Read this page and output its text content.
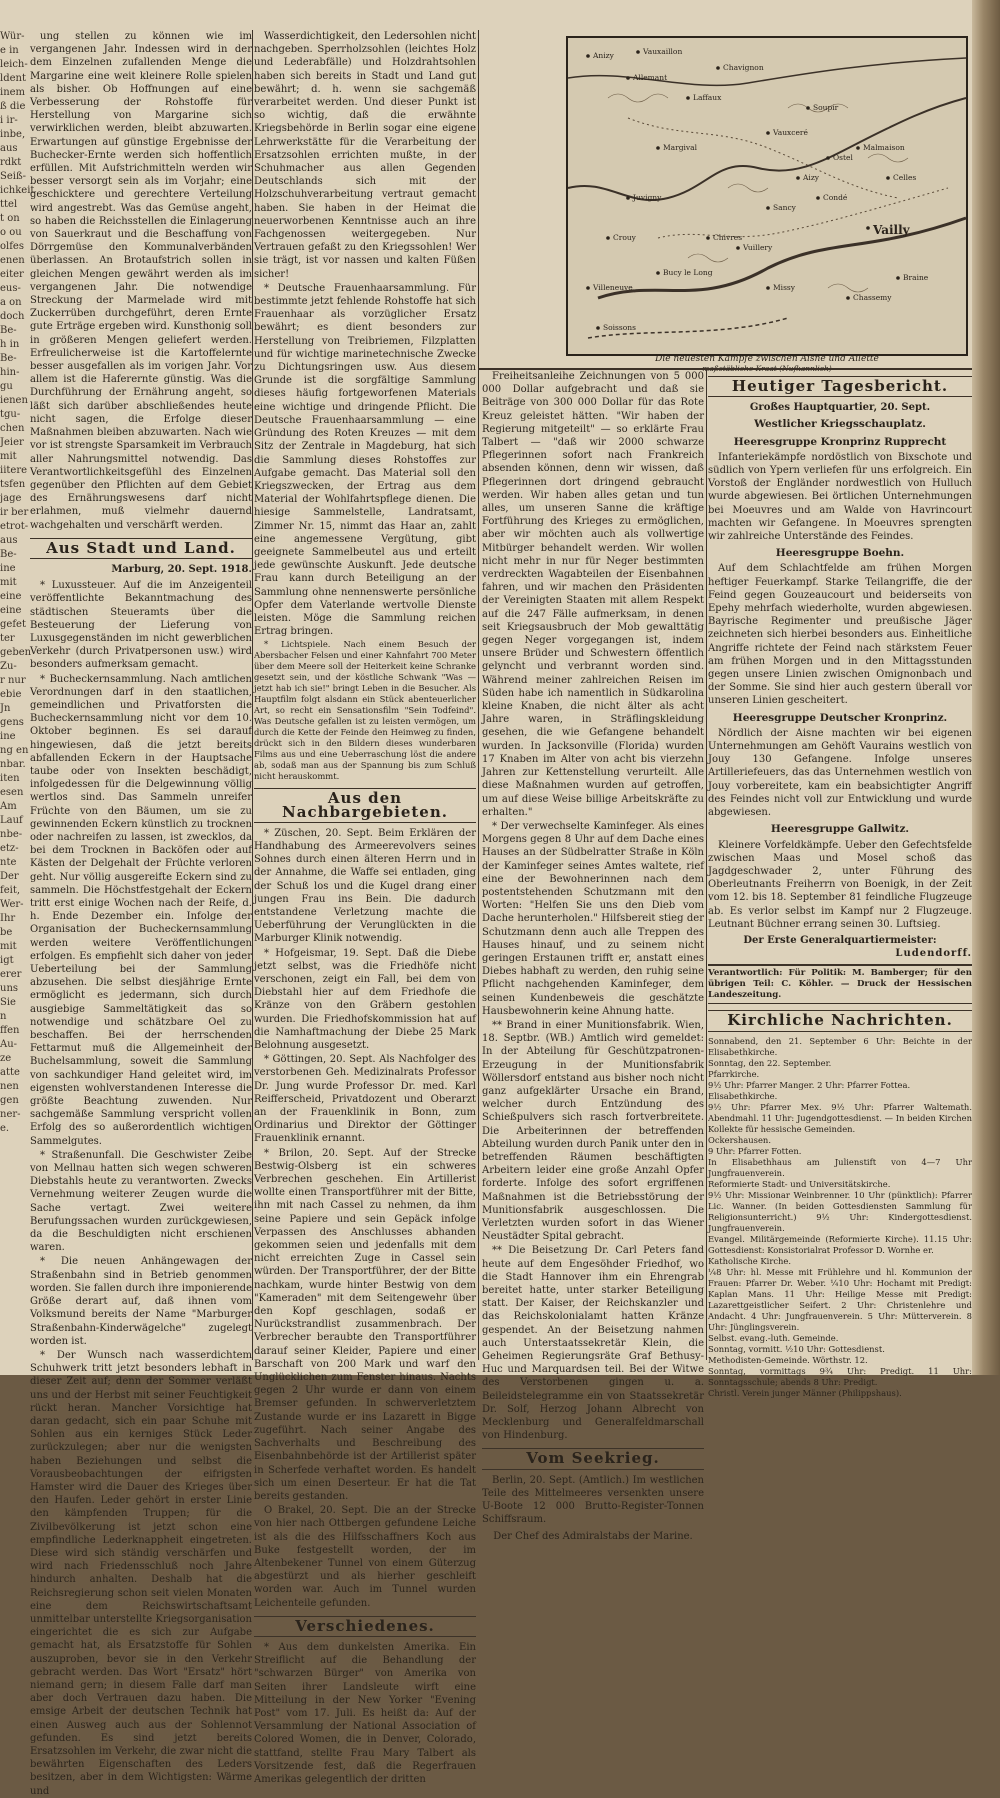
Wür-
e in
leich-
ldent
inem
ß die
i ir-
inbe,
aus
rdkt
Seiß-
ichkeit
ttel
t on
o ou
olfes
enen
eiter
eus-
a on
doch
Be-
h in
Be-
hin-
gu
ienen
tgu-
chen
Jeier
mit
iitere
tsfen
jage
ir ber
etrot-
aus
Be-
ine
mit
eine
eine
gefet
ter
geben
Zu-
r nur
ebie
Jn
gens
ine
ng en
nbar.
iten
esen
Am
Lauf
nbe-
etz-
nte
Der
feit,
Wer-
Ihr
be
mit
igt
erer
uns
Sie
n
ffen
Au-
ze
atte
nen
gen
ner-
e.

ung stellen zu können wie im vergangenen Jahr. Indessen wird in der dem Einzelnen zufallenden Menge die Margarine eine weit kleinere Rolle spielen als bisher. Ob Hoffnungen auf eine Verbesserung der Rohstoffe für Herstellung von Margarine sich verwirklichen werden, bleibt abzuwarten. Erwartungen auf günstige Ergebnisse der Buchecker-Ernte werden sich hoffentlich erfüllen. Mit Aufstrichmitteln werden wir besser versorgt sein als im Vorjahr; eine geschicktere und gerechtere Verteilung wird angestrebt. Was das Gemüse angeht, so haben die Reichsstellen die Einlagerung von Sauerkraut und die Beschaffung von Dörrgemüse den Kommunalverbänden überlassen. An Brotaufstrich sollen in gleichen Mengen gewährt werden als im vergangenen Jahr. Die notwendige Streckung der Marmelade wird mit Zuckerrüben durchgeführt, deren Ernte gute Erträge ergeben wird. Kunsthonig soll in größeren Mengen geliefert werden. Erfreulicherweise ist die Kartoffelernte besser ausgefallen als im vorigen Jahr. Vor allem ist die Haferernte günstig. Was die Durchführung der Ernährung angeht, so läßt sich darüber abschließendes heute nicht sagen, die Erfolge dieser Maßnahmen bleiben abzuwarten. Nach wie vor ist strengste Sparsamkeit im Verbrauch aller Nahrungsmittel notwendig. Das Verantwortlichkeitsgefühl des Einzelnen gegenüber den Pflichten auf dem Gebiet des Ernährungswesens darf nicht erlahmen, muß vielmehr dauernd wachgehalten und verschärft werden.

Aus Stadt und Land.
Marburg, 20. Sept. 1918.

* Luxussteuer. Auf die im Anzeigenteil veröffentlichte Bekanntmachung des städtischen Steueramts über die Besteuerung der Lieferung von Luxusgegenständen im nicht gewerblichen Verkehr (durch Privatpersonen usw.) wird besonders aufmerksam gemacht.

* Bucheckernsammlung. Nach amtlichen Verordnungen darf in den staatlichen, gemeindlichen und Privatforsten die Bucheckernsammlung nicht vor dem 10. Oktober beginnen. Es sei darauf hingewiesen, daß die jetzt bereits abfallenden Eckern in der Hauptsache taube oder von Insekten beschädigt, infolgedessen für die Delgewinnung völlig wertlos sind. Das Sammeln unreifer Früchte von den Bäumen, um sie zu gewinnenden Eckern künstlich zu trocknen oder nachreifen zu lassen, ist zwecklos, da bei dem Trocknen in Backöfen oder auf Kästen der Delgehalt der Früchte verloren geht. Nur völlig ausgereifte Eckern sind zu sammeln. Die Höchstfestgehalt der Eckern tritt erst einige Wochen nach der Reife, d. h. Ende Dezember ein. Infolge der Organisation der Bucheckernsammlung werden weitere Veröffentlichungen erfolgen. Es empfiehlt sich daher von jeder Ueberteilung bei der Sammlung abzusehen. Die selbst diesjährige Ernte ermöglicht es jedermann, sich durch ausgiebige Sammeltätigkeit das so notwendige und schätzbare Oel zu beschaffen. Bei der herrschenden Fettarmut muß die Allgemeinheit der Buchelsammlung, soweit die Sammlung von sachkundiger Hand geleitet wird, im eigensten wohlverstandenen Interesse die größte Beachtung zuwenden. Nur sachgemäße Sammlung verspricht vollen Erfolg des so außerordentlich wichtigen Sammelgutes.

* Straßenunfall. Die Geschwister Zeibe von Mellnau hatten sich wegen schweren Diebstahls heute zu verantworten. Zwecks Vernehmung weiterer Zeugen wurde die Sache vertagt. Zwei weitere Berufungssachen wurden zurückgewiesen, da die Beschuldigten nicht erschienen waren.

* Die neuen Anhängewagen der Straßenbahn sind in Betrieb genommen worden. Sie fallen durch ihre imponierende Größe derart auf, daß ihnen vom Volksmund bereits der Name "Marburger Straßenbahn-Kinderwägelche" zugelegt worden ist.

* Der Wunsch nach wasserdichtem Schuhwerk tritt jetzt besonders lebhaft in dieser Zeit auf; denn der Sommer verläßt uns und der Herbst mit seiner Feuchtigkeit rückt heran. Mancher Vorsichtige hat daran gedacht, sich ein paar Schuhe mit Sohlen aus ein kerniges Stück Leder zurückzulegen; aber nur die wenigsten haben Beziehungen und selbst die Vorausbeobachtungen der eifrigsten Hamster wird die Dauer des Krieges über den Haufen. Leder gehört in erster Linie den kämpfenden Truppen; für die Zivilbevölkerung ist jetzt schon eine empfindliche Lederknappheit eingetreten. Diese wird sich ständig verschärfen und wird nach Friedensschluß noch Jahre hindurch anhalten. Deshalb hat die Reichsregierung schon seit vielen Monaten eine dem Reichswirtschaftsamt unmittelbar unterstellte Kriegsorganisation eingerichtet die es sich zur Aufgabe gemacht hat, als Ersatzstoffe für Sohlen auszuproben, bevor sie in den Verkehr gebracht werden. Das Wort "Ersatz" hört niemand gern; in diesem Falle darf man aber doch Vertrauen dazu haben. Die emsige Arbeit der deutschen Technik hat einen Ausweg auch aus der Sohlennot gefunden. Es sind jetzt bereits Ersatzsohlen im Verkehr, die zwar nicht die bewährten Eigenschaften des Leders besitzen, aber in dem Wichtigsten: Wärme und

Wasserdichtigkeit, den Ledersohlen nicht nachgeben. Sperrholzsohlen (leichtes Holz und Lederabfälle) und Holzdrahtsohlen haben sich bereits in Stadt und Land gut bewährt; d. h. wenn sie sachgemäß verarbeitet werden. Und dieser Punkt ist so wichtig, daß die erwähnte Kriegsbehörde in Berlin sogar eine eigene Lehrwerkstätte für die Verarbeitung der Ersatzsohlen errichten mußte, in der Schuhmacher aus allen Gegenden Deutschlands sich mit der Holzschuhverarbeitung vertraut gemacht haben. Sie haben in der Heimat die neuerworbenen Kenntnisse auch an ihre Fachgenossen weitergegeben. Nur Vertrauen gefaßt zu den Kriegssohlen! Wer sie trägt, ist vor nassen und kalten Füßen sicher!

* Deutsche Frauenhaarsammlung. Für bestimmte jetzt fehlende Rohstoffe hat sich Frauenhaar als vorzüglicher Ersatz bewährt; es dient besonders zur Herstellung von Treibriemen, Filzplatten und für wichtige marinetechnische Zwecke zu Dichtungsringen usw. Aus diesem Grunde ist die sorgfältige Sammlung dieses häufig fortgeworfenen Materials eine wichtige und dringende Pflicht. Die Deutsche Frauenhaarsammlung — eine Gründung des Roten Kreuzes — mit dem Sitz der Zentrale in Magdeburg, hat sich die Sammlung dieses Rohstoffes zur Aufgabe gemacht. Das Material soll den Kriegszwecken, der Ertrag aus dem Material der Wohlfahrtspflege dienen. Die hiesige Sammelstelle, Landratsamt, Zimmer Nr. 15, nimmt das Haar an, zahlt eine angemessene Vergütung, gibt geeignete Sammelbeutel aus und erteilt jede gewünschte Auskunft. Jede deutsche Frau kann durch Beteiligung an der Sammlung ohne nennenswerte persönliche Opfer dem Vaterlande wertvolle Dienste leisten. Möge die Sammlung reichen Ertrag bringen.

* Lichtspiele. Nach einem Besuch der Abersbacher Felsen und einer Kahnfahrt 700 Meter über dem Meere soll der Heiterkeit keine Schranke gesetzt sein, und der köstliche Schwank "Was — jetzt hab ich sie!" bringt Leben in die Besucher. Als Hauptfilm folgt alsdann ein Stück abenteuerlicher Art, so recht ein Sensationsfilm "Sein Todfeind". Was Deutsche gefallen ist zu leisten vermögen, um durch die Kette der Feinde den Heimweg zu finden, drückt sich in den Bildern dieses wunderbaren Films aus und eine Ueberraschung löst die andere ab, sodaß man aus der Spannung bis zum Schluß nicht herauskommt.

Aus den Nachbargebieten.

* Züschen, 20. Sept. Beim Erklären der Handhabung des Armeerevolvers seines Sohnes durch einen älteren Herrn und in der Annahme, die Waffe sei entladen, ging der Schuß los und die Kugel drang einer jungen Frau ins Bein. Die dadurch entstandene Verletzung machte die Ueberführung der Verunglückten in die Marburger Klinik notwendig.

* Hofgeismar, 19. Sept. Daß die Diebe jetzt selbst, was die Friedhöfe nicht verschonen, zeigt ein Fall, bei dem von Diebstahl hier auf dem Friedhofe die Kränze von den Gräbern gestohlen wurden. Die Friedhofskommission hat auf die Namhaftmachung der Diebe 25 Mark Belohnung ausgesetzt.

* Göttingen, 20. Sept. Als Nachfolger des verstorbenen Geh. Medizinalrats Professor Dr. Jung wurde Professor Dr. med. Karl Reifferscheid, Privatdozent und Oberarzt an der Frauenklinik in Bonn, zum Ordinarius und Direktor der Göttinger Frauenklinik ernannt.

* Brilon, 20. Sept. Auf der Strecke Bestwig-Olsberg ist ein schweres Verbrechen geschehen. Ein Artillerist wollte einen Transportführer mit der Bitte, ihn mit nach Cassel zu nehmen, da ihm seine Papiere und sein Gepäck infolge Verpassen des Anschlusses abhanden gekommen seien und jedenfalls mit dem nicht erreichten Zuge in Cassel sein würden. Der Transportführer, der der Bitte nachkam, wurde hinter Bestwig von dem "Kameraden" mit dem Seitengewehr über den Kopf geschlagen, sodaß er Nurückstrandlist zusammenbrach. Der Verbrecher beraubte den Transportführer darauf seiner Kleider, Papiere und einer Barschaft von 200 Mark und warf den Unglücklichen zum Fenster hinaus. Nachts gegen 2 Uhr wurde er dann von einem Bremser gefunden. In schwerverletztem Zustande wurde er ins Lazarett in Bigge zugeführt. Nach seiner Angabe des Sachverhalts und Beschreibung des Eisenbahnbehörde ist der Artillerist später in Scherfede verhaftet worden. Es handelt sich um einen Deserteur. Er hat die Tat bereits gestanden.

O Brakel, 20. Sept. Die an der Strecke von hier nach Ottbergen gefundene Leiche ist als die des Hilfsschaffners Koch aus Buke festgestellt worden, der im Altenbekener Tunnel von einem Güterzug abgestürzt und als hierher geschleift worden war. Auch im Tunnel wurden Leichenteile gefunden.

Verschiedenes.

* Aus dem dunkelsten Amerika. Ein Streiflicht auf die Behandlung der "schwarzen Bürger" von Amerika von Seiten ihrer Landsleute wirft eine Mitteilung in der New Yorker "Evening Post" vom 17. Juli. Es heißt da: Auf der Versammlung der National Association of Colored Women, die in Denver, Colorado, stattfand, stellte Frau Mary Talbert als Vorsitzende fest, daß die Regerfrauen Amerikas gelegentlich der dritten

Anizy	Vauxaillon
Chavignon
Laffaux
Vailly
Soupir
Margival
Condé
Braine
Chassemy
Vauxceré
Crouy
Bucy le Long
Soissons
Villeneuve
Allemant
Vuillery
Celles
Missy
Chivres
Sancy
Juvigny
Malmaison
Ostel
Aizy
Die neuesten Kämpfe zwischen Aisne und Ailette

Freiheitsanleihe Zeichnungen von 5 000 000 Dollar aufgebracht und daß sie Beiträge von 300 000 Dollar für das Rote Kreuz geleistet hätten. "Wir haben der Regierung mitgeteilt" — so erklärte Frau Talbert — "daß wir 2000 schwarze Pflegerinnen sofort nach Frankreich absenden können, denn wir wissen, daß Pflegerinnen dort dringend gebraucht werden. Wir haben alles getan und tun alles, um unseren Sanne die kräftige Fortführung des Krieges zu ermöglichen, aber wir möchten auch als vollwertige Mitbürger behandelt werden. Wir wollen nicht mehr in nur für Neger bestimmten verdreckten Wagabteilen der Eisenbahnen fahren, und wir machen den Präsidenten der Vereinigten Staaten mit allem Respekt auf die 247 Fälle aufmerksam, in denen seit Kriegsausbruch der Mob gewalttätig gegen Neger vorgegangen ist, indem unsere Brüder und Schwestern öffentlich gelyncht und verbrannt worden sind. Während meiner zahlreichen Reisen im Süden habe ich namentlich in Südkarolina kleine Knaben, die nicht älter als acht Jahre waren, in Sträflingskleidung gesehen, die wie Gefangene behandelt wurden. In Jacksonville (Florida) wurden 17 Knaben im Alter von acht bis vierzehn Jahren zur Kettenstellung verurteilt. Alle diese Maßnahmen wurden auf getroffen, um auf diese Weise billige Arbeitskräfte zu erhalten."

* Der verwechselte Kaminfeger. Als eines Morgens gegen 8 Uhr auf dem Dache eines Hauses an der Südbelratter Straße in Köln der Kaminfeger seines Amtes waltete, rief eine der Bewohnerinnen nach dem postentstehenden Schutzmann mit den Worten: "Helfen Sie uns den Dieb vom Dache herunterholen." Hilfsbereit stieg der Schutzmann denn auch alle Treppen des Hauses hinauf, und zu seinem nicht geringen Erstaunen trifft er, anstatt eines Diebes habhaft zu werden, den ruhig seine Pflicht nachgehenden Kaminfeger, dem seinen Kundenbeweis die geschätzte Hausbewohnerin keine Ahnung hatte.

** Brand in einer Munitionsfabrik. Wien, 18. Septbr. (WB.) Amtlich wird gemeldet: In der Abteilung für Geschützpatronen-Erzeugung in der Munitionsfabrik Wöllersdorf entstand aus bisher noch nicht ganz aufgeklärter Ursache ein Brand, welcher durch Entzündung des Schießpulvers sich rasch fortverbreitete. Die Arbeiterinnen der betreffenden Abteilung wurden durch Panik unter den in betreffenden Räumen beschäftigten Arbeitern leider eine große Anzahl Opfer forderte. Infolge des sofort ergriffenen Maßnahmen ist die Betriebsstörung der Munitionsfabrik ausgeschlossen. Die Verletzten wurden sofort in das Wiener Neustädter Spital gebracht.

** Die Beisetzung Dr. Carl Peters fand heute auf dem Engesöhder Friedhof, wo die Stadt Hannover ihm ein Ehrengrab bereitet hatte, unter starker Beteiligung statt. Der Kaiser, der Reichskanzler und das Reichskolonialamt hatten Kränze gespendet. An der Beisetzung nahmen auch Unterstaatssekretär Klein, die Geheimen Regierungsräte Graf Bethusy-Huc und Marquardsen teil. Bei der Witwe des Verstorbenen gingen u. a. Beileidstelegramme ein von Staatssekretär Dr. Solf, Herzog Johann Albrecht von Mecklenburg und Generalfeldmarschall von Hindenburg.

Vom Seekrieg.

Berlin, 20. Sept. (Amtlich.) Im westlichen Teile des Mittelmeeres versenkten unsere U-Boote 12 000 Brutto-Register-Tonnen Schiffsraum.

Der Chef des Admiralstabs der Marine.

Heutiger Tagesbericht.
Großes Hauptquartier, 20. Sept.
Westlicher Kriegsschauplatz.
Heeresgruppe Kronprinz Rupprecht

Infanteriekämpfe nordöstlich von Bixschote und südlich von Ypern verliefen für uns erfolgreich. Ein Vorstoß der Engländer nordwestlich von Hulluch wurde abgewiesen. Bei örtlichen Unternehmungen bei Moeuvres und am Walde von Havrincourt machten wir Gefangene. In Moeuvres sprengten wir zahlreiche Unterstände des Feindes.

Heeresgruppe Boehn.

Auf dem Schlachtfelde am frühen Morgen heftiger Feuerkampf. Starke Teilangriffe, die der Feind gegen Gouzeaucourt und beiderseits von Epehy mehrfach wiederholte, wurden abgewiesen. Bayrische Regimenter und preußische Jäger zeichneten sich hierbei besonders aus. Einheitliche Angriffe richtete der Feind nach stärkstem Feuer am frühen Morgen und in den Mittagsstunden gegen unsere Linien zwischen Omignonbach und der Somme. Sie sind hier auch gestern überall vor unseren Linien gescheitert.

Heeresgruppe Deutscher Kronprinz.

Nördlich der Aisne machten wir bei eigenen Unternehmungen am Gehöft Vaurains westlich von Jouy 130 Gefangene. Infolge unseres Artilleriefeuers, das das Unternehmen westlich von Jouy vorbereitete, kam ein beabsichtigter Angriff des Feindes nicht voll zur Entwicklung und wurde abgewiesen.

Heeresgruppe Gallwitz.

Kleinere Vorfeldkämpfe. Ueber den Gefechtsfelde zwischen Maas und Mosel schoß das Jagdgeschwader 2, unter Führung des Oberleutnants Freiherrn von Boenigk, in der Zeit vom 12. bis 18. September 81 feindliche Flugzeuge ab. Es verlor selbst im Kampf nur 2 Flugzeuge. Leutnant Büchner errang seinen 30. Luftsieg.

Der Erste Generalquartiermeister:
Ludendorff.
Verantwortlich: Für Politik: M. Bamberger; für den übrigen Teil: C. Köhler. — Druck der Hessischen Landeszeitung.
Kirchliche Nachrichten.

Sonnabend, den 21. September 6 Uhr: Beichte in der Elisabethkirche.

Sonntag, den 22. September.

Pfarrkirche.

9½ Uhr: Pfarrer Manger. 2 Uhr: Pfarrer Fottea.

Elisabethkirche.

9½ Uhr: Pfarrer Mex. 9½ Uhr: Pfarrer Waltemath. Abendmahl. 11 Uhr: Jugendgottesdienst. — In beiden Kirchen Kollekte für hessische Gemeinden.

Ockershausen.

9 Uhr: Pfarrer Fotten.

In Elisabethhaus am Julienstift von 4—7 Uhr Jungfrauenverein.

Reformierte Stadt- und Universitätskirche.

9½ Uhr: Missionar Weinbrenner. 10 Uhr (pünktlich): Pfarrer Lic. Wanner. (In beiden Gottesdiensten Sammlung für Religionsunterricht.) 9½ Uhr: Kindergottesdienst. Jungfrauenverein.

Evangel. Militärgemeinde (Reformierte Kirche). 11.15 Uhr: Gottesdienst: Konsistorialrat Professor D. Wornhe er.

Katholische Kirche.

¼8 Uhr: hl. Messe mit Frühlehre und hl. Kommunion der Frauen: Pfarrer Dr. Weber. ¼10 Uhr: Hochamt mit Predigt: Kaplan Mans. 11 Uhr: Heilige Messe mit Predigt: Lazarettgeistlicher Seifert. 2 Uhr: Christenlehre und Andacht. 4 Uhr: Jungfrauenverein. 5 Uhr: Mütterverein. 8 Uhr: Jünglingsverein.

Selbst. evang.-luth. Gemeinde.

Sonntag, vormitt. ½10 Uhr: Gottesdienst.

Methodisten-Gemeinde. Wörthstr. 12.

Sonntag, vormittags 9¾ Uhr: Predigt. 11 Uhr: Sonntagsschule; abends 8 Uhr: Predigt.

Christl. Verein junger Männer (Philippshaus).
